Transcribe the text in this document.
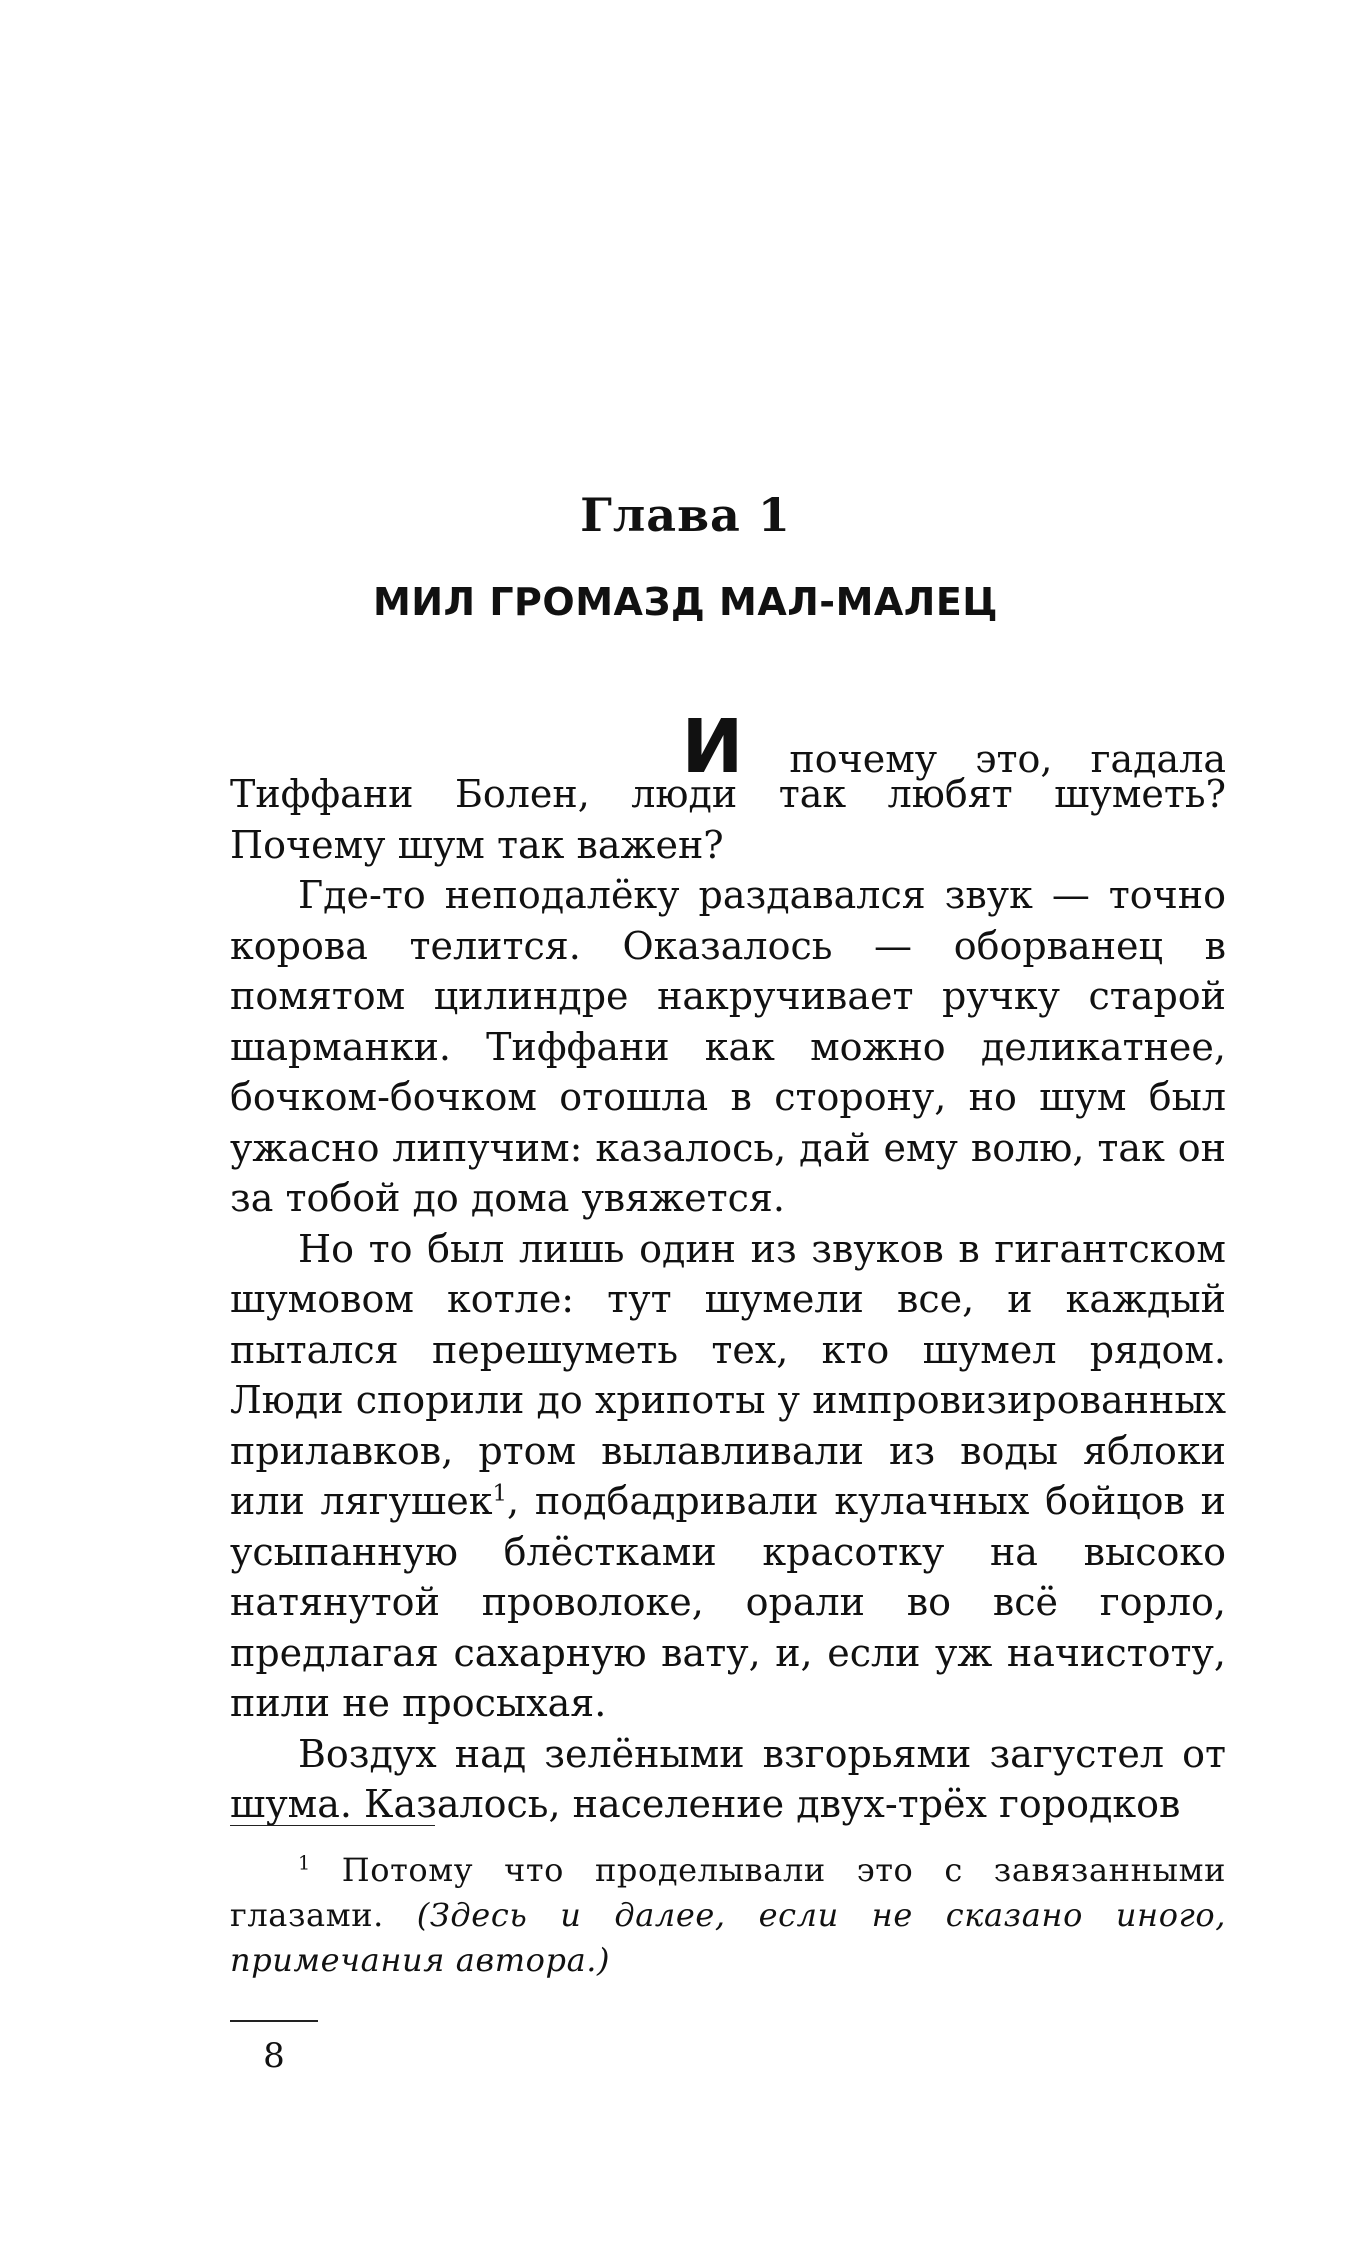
Глава 1
МИЛ ГРОМАЗД МАЛ-МАЛЕЦ
И почему это, гадала

Тиффани Болен, люди так любят шуметь? Почему шум так важен?

Где-то неподалёку раздавался звук — точно корова телится. Оказалось — оборванец в помятом цилиндре накручивает ручку старой шарманки. Тиффани как можно деликатнее, бочком-бочком отошла в сторону, но шум был ужасно липучим: казалось, дай ему волю, так он за тобой до дома увяжется.

Но то был лишь один из звуков в гигантском шумовом котле: тут шумели все, и каждый пытался перешуметь тех, кто шумел рядом. Люди спорили до хрипоты у импровизированных прилавков, ртом вылавливали из воды яблоки или лягушек$^1$, подбадривали кулачных бойцов и усыпанную блёстками красотку на высоко натянутой проволоке, орали во всё горло, предлагая сахарную вату, и, если уж начистоту, пили не просыхая.

Воздух над зелёными взгорьями загустел от шума. Казалось, население двух-трёх городков

$^1$ Потому что проделывали это с завязанными глазами. (Здесь и далее, если не сказано иного, примечания автора.)
8
